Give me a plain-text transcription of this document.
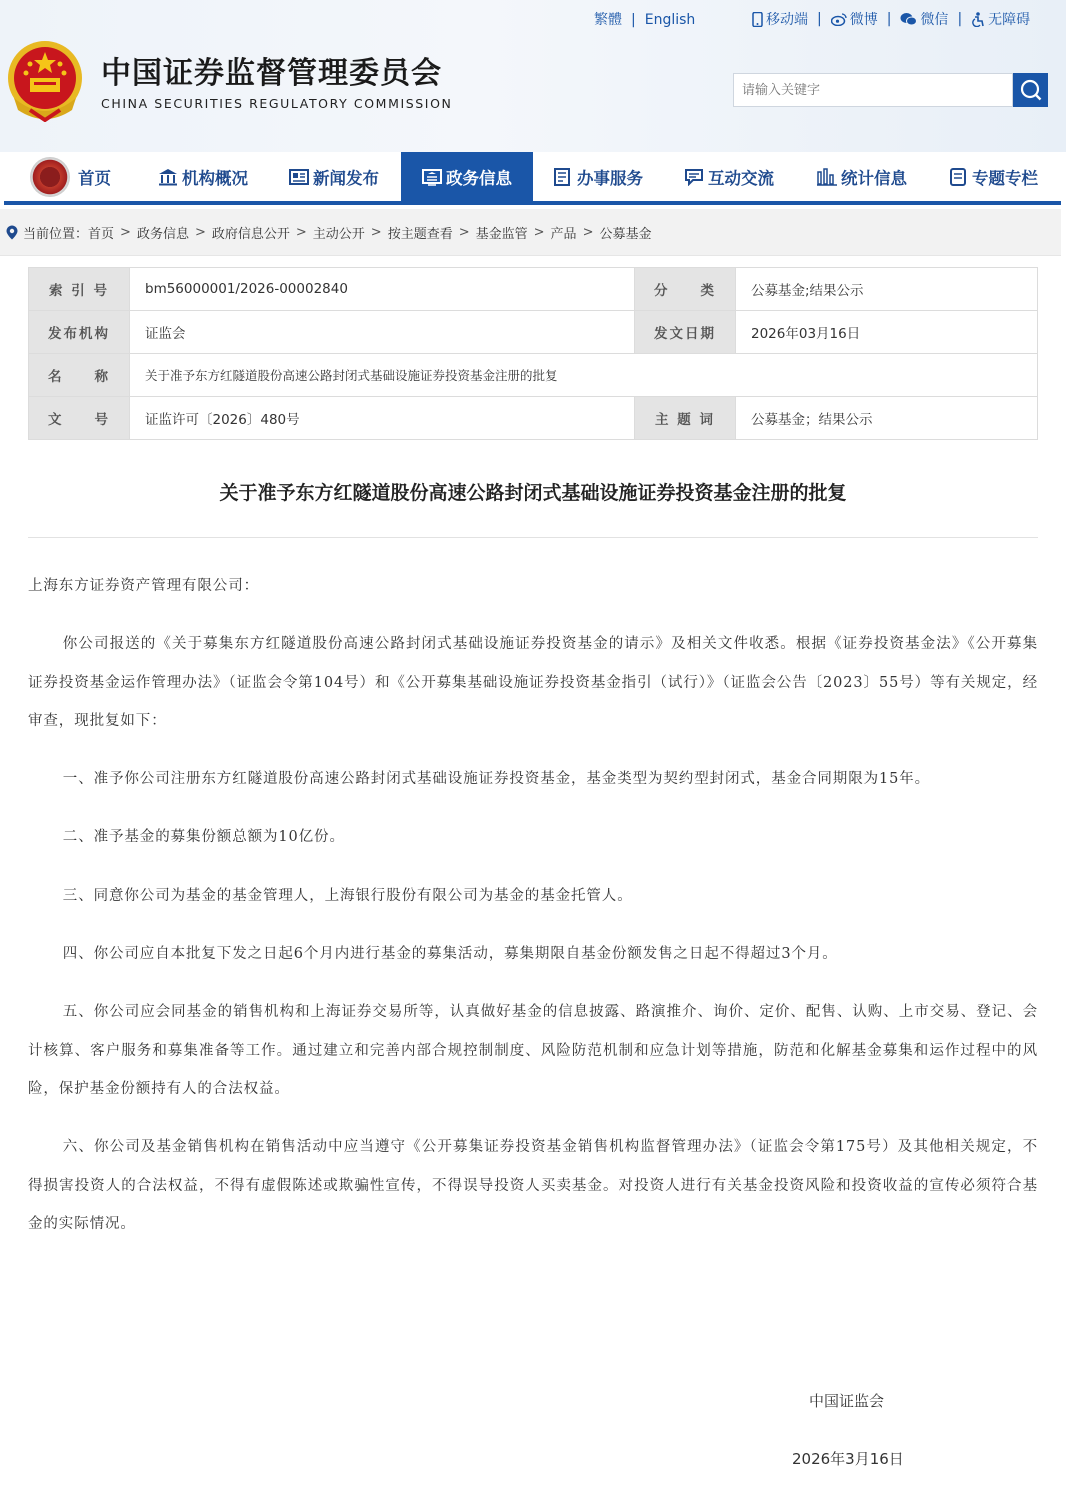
中国证券监督管理委员会
CHINA SECURITIES REGULATORY COMMISSION
繁體 | English	移动端 | 微博 | 微信 | 无障碍
请输入关键字
首页	机构概况	新闻发布	政务信息	办事服务	互动交流	统计信息	专题专栏
当前位置： 首页 > 政务信息 > 政府信息公开 > 主动公开 > 按主题查看 > 基金监管 > 产品 > 公募基金
索 引 号	bm56000001/2026-00002840	分　　类	公募基金;结果公示
发布机构	证监会	发文日期	2026年03月16日
名　　称	关于准予东方红隧道股份高速公路封闭式基础设施证券投资基金注册的批复		
文　　号	证监许可〔2026〕480号	主 题 词	公募基金；结果公示
关于准予东方红隧道股份高速公路封闭式基础设施证券投资基金注册的批复
上海东方证券资产管理有限公司：
你公司报送的《关于募集东方红隧道股份高速公路封闭式基础设施证券投资基金的请示》及相关文件收悉。根据《证券投资基金法》《公开募集证券投资基金运作管理办法》（证监会令第104号）和《公开募集基础设施证券投资基金指引（试行）》（证监会公告〔2023〕55号）等有关规定，经审查，现批复如下：
一、准予你公司注册东方红隧道股份高速公路封闭式基础设施证券投资基金，基金类型为契约型封闭式，基金合同期限为15年。
二、准予基金的募集份额总额为10亿份。
三、同意你公司为基金的基金管理人，上海银行股份有限公司为基金的基金托管人。
四、你公司应自本批复下发之日起6个月内进行基金的募集活动，募集期限自基金份额发售之日起不得超过3个月。
五、你公司应会同基金的销售机构和上海证券交易所等，认真做好基金的信息披露、路演推介、询价、定价、配售、认购、上市交易、登记、会计核算、客户服务和募集准备等工作。通过建立和完善内部合规控制制度、风险防范机制和应急计划等措施，防范和化解基金募集和运作过程中的风险，保护基金份额持有人的合法权益。
六、你公司及基金销售机构在销售活动中应当遵守《公开募集证券投资基金销售机构监督管理办法》（证监会令第175号）及其他相关规定，不得损害投资人的合法权益，不得有虚假陈述或欺骗性宣传，不得误导投资人买卖基金。对投资人进行有关基金投资风险和投资收益的宣传必须符合基金的实际情况。
中国证监会
2026年3月16日
